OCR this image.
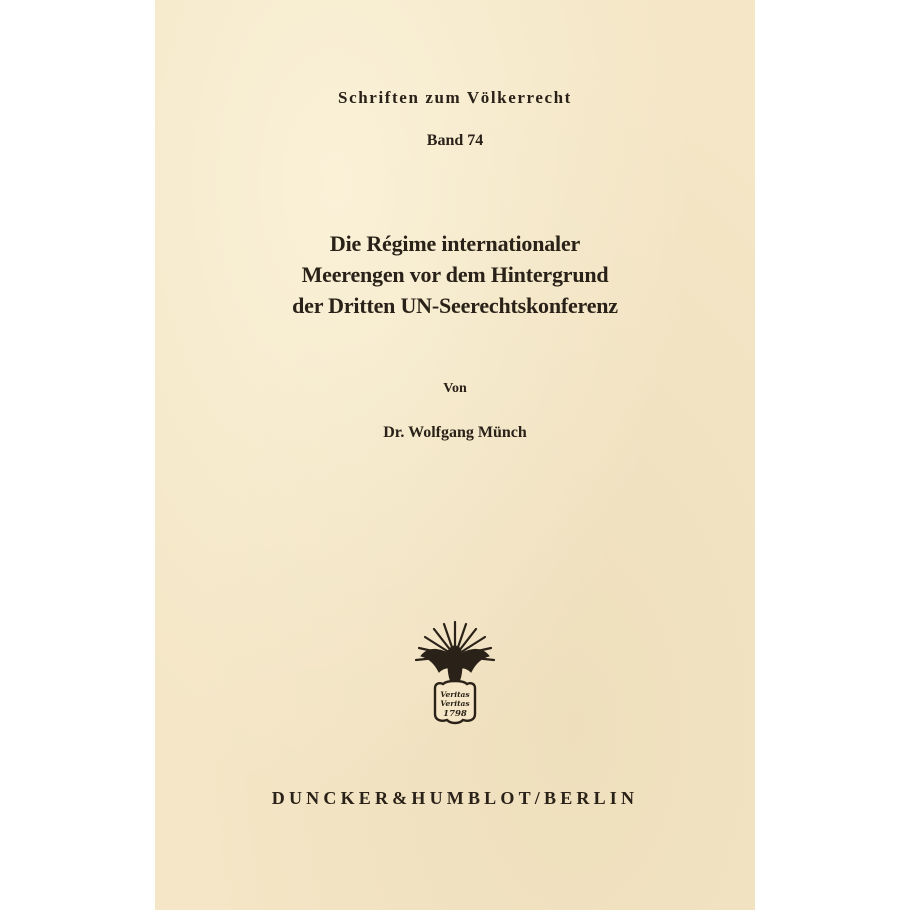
Schriften zum Völkerrecht
Band 74
Die Régime internationaler
Meerengen vor dem Hintergrund
der Dritten UN-Seerechtskonferenz
Von
Dr. Wolfgang Münch
Veritas
Veritas
1798
DUNCKER&HUMBLOT/BERLIN
